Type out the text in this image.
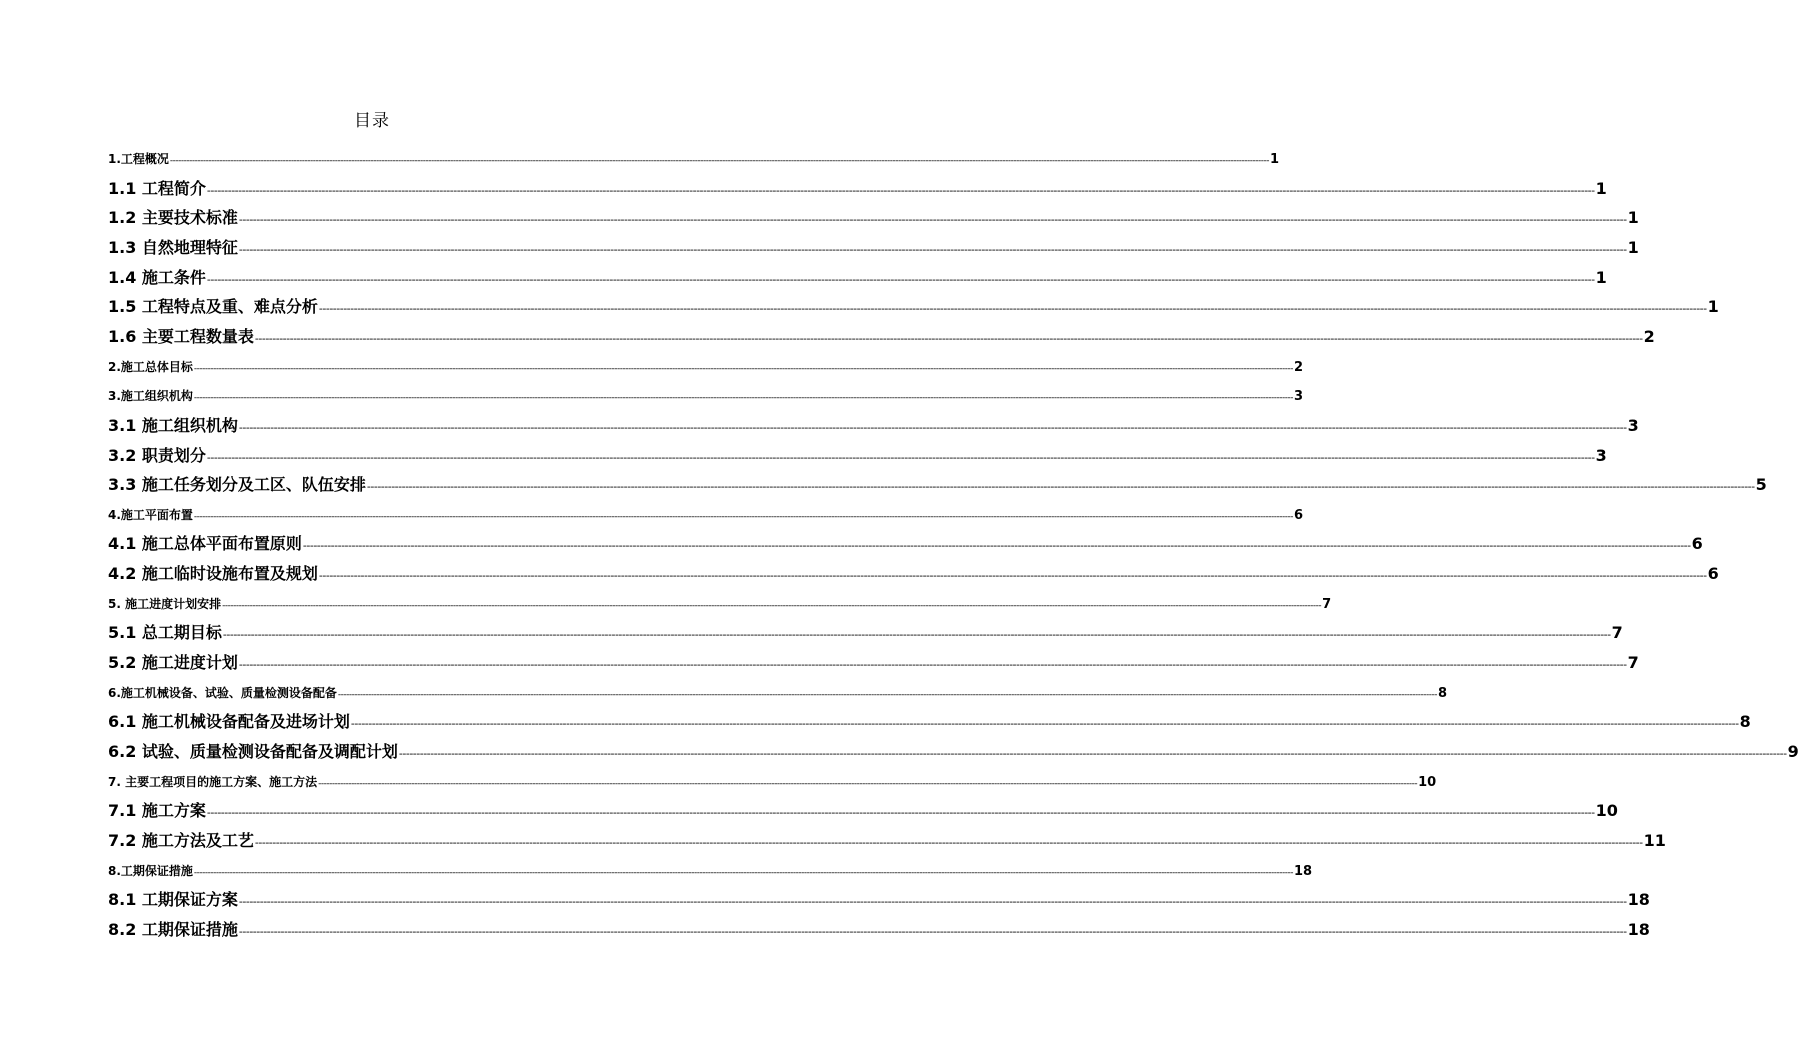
目录
1.工程概况 ---------------------------------------------------------------------------------------------------------------------------------------------------------------------------------------------------------------------------------------------------------------------------------------------------------------------------------------------------------------------------------------------------------------- 1
1.1 工程简介 ---------------------------------------------------------------------------------------------------------------------------------------------------------------------------------------------------------------------------------------------------------------------------------------------------------------------------------------------------------------------------------------------------------------- 1
1.2 主要技术标准 ---------------------------------------------------------------------------------------------------------------------------------------------------------------------------------------------------------------------------------------------------------------------------------------------------------------------------------------------------------------------------------------------------------------- 1
1.3 自然地理特征 ---------------------------------------------------------------------------------------------------------------------------------------------------------------------------------------------------------------------------------------------------------------------------------------------------------------------------------------------------------------------------------------------------------------- 1
1.4 施工条件 ---------------------------------------------------------------------------------------------------------------------------------------------------------------------------------------------------------------------------------------------------------------------------------------------------------------------------------------------------------------------------------------------------------------- 1
1.5 工程特点及重、难点分析 ---------------------------------------------------------------------------------------------------------------------------------------------------------------------------------------------------------------------------------------------------------------------------------------------------------------------------------------------------------------------------------------------------------------- 1
1.6 主要工程数量表 ---------------------------------------------------------------------------------------------------------------------------------------------------------------------------------------------------------------------------------------------------------------------------------------------------------------------------------------------------------------------------------------------------------------- 2
2.施工总体目标 ---------------------------------------------------------------------------------------------------------------------------------------------------------------------------------------------------------------------------------------------------------------------------------------------------------------------------------------------------------------------------------------------------------------- 2
3.施工组织机构 ---------------------------------------------------------------------------------------------------------------------------------------------------------------------------------------------------------------------------------------------------------------------------------------------------------------------------------------------------------------------------------------------------------------- 3
3.1 施工组织机构 ---------------------------------------------------------------------------------------------------------------------------------------------------------------------------------------------------------------------------------------------------------------------------------------------------------------------------------------------------------------------------------------------------------------- 3
3.2 职责划分 ---------------------------------------------------------------------------------------------------------------------------------------------------------------------------------------------------------------------------------------------------------------------------------------------------------------------------------------------------------------------------------------------------------------- 3
3.3 施工任务划分及工区、队伍安排 ---------------------------------------------------------------------------------------------------------------------------------------------------------------------------------------------------------------------------------------------------------------------------------------------------------------------------------------------------------------------------------------------------------------- 5
4.施工平面布置 ---------------------------------------------------------------------------------------------------------------------------------------------------------------------------------------------------------------------------------------------------------------------------------------------------------------------------------------------------------------------------------------------------------------- 6
4.1 施工总体平面布置原则 ---------------------------------------------------------------------------------------------------------------------------------------------------------------------------------------------------------------------------------------------------------------------------------------------------------------------------------------------------------------------------------------------------------------- 6
4.2 施工临时设施布置及规划 ---------------------------------------------------------------------------------------------------------------------------------------------------------------------------------------------------------------------------------------------------------------------------------------------------------------------------------------------------------------------------------------------------------------- 6
5. 施工进度计划安排 ---------------------------------------------------------------------------------------------------------------------------------------------------------------------------------------------------------------------------------------------------------------------------------------------------------------------------------------------------------------------------------------------------------------- 7
5.1 总工期目标 ---------------------------------------------------------------------------------------------------------------------------------------------------------------------------------------------------------------------------------------------------------------------------------------------------------------------------------------------------------------------------------------------------------------- 7
5.2 施工进度计划 ---------------------------------------------------------------------------------------------------------------------------------------------------------------------------------------------------------------------------------------------------------------------------------------------------------------------------------------------------------------------------------------------------------------- 7
6.施工机械设备、试验、质量检测设备配备 ---------------------------------------------------------------------------------------------------------------------------------------------------------------------------------------------------------------------------------------------------------------------------------------------------------------------------------------------------------------------------------------------------------------- 8
6.1 施工机械设备配备及进场计划 ---------------------------------------------------------------------------------------------------------------------------------------------------------------------------------------------------------------------------------------------------------------------------------------------------------------------------------------------------------------------------------------------------------------- 8
6.2 试验、质量检测设备配备及调配计划 ---------------------------------------------------------------------------------------------------------------------------------------------------------------------------------------------------------------------------------------------------------------------------------------------------------------------------------------------------------------------------------------------------------------- 9
7. 主要工程项目的施工方案、施工方法 ---------------------------------------------------------------------------------------------------------------------------------------------------------------------------------------------------------------------------------------------------------------------------------------------------------------------------------------------------------------------------------------------------------------- 10
7.1 施工方案 ---------------------------------------------------------------------------------------------------------------------------------------------------------------------------------------------------------------------------------------------------------------------------------------------------------------------------------------------------------------------------------------------------------------- 10
7.2 施工方法及工艺 ---------------------------------------------------------------------------------------------------------------------------------------------------------------------------------------------------------------------------------------------------------------------------------------------------------------------------------------------------------------------------------------------------------------- 11
8.工期保证措施 ---------------------------------------------------------------------------------------------------------------------------------------------------------------------------------------------------------------------------------------------------------------------------------------------------------------------------------------------------------------------------------------------------------------- 18
8.1 工期保证方案 ---------------------------------------------------------------------------------------------------------------------------------------------------------------------------------------------------------------------------------------------------------------------------------------------------------------------------------------------------------------------------------------------------------------- 18
8.2 工期保证措施 ---------------------------------------------------------------------------------------------------------------------------------------------------------------------------------------------------------------------------------------------------------------------------------------------------------------------------------------------------------------------------------------------------------------- 18
